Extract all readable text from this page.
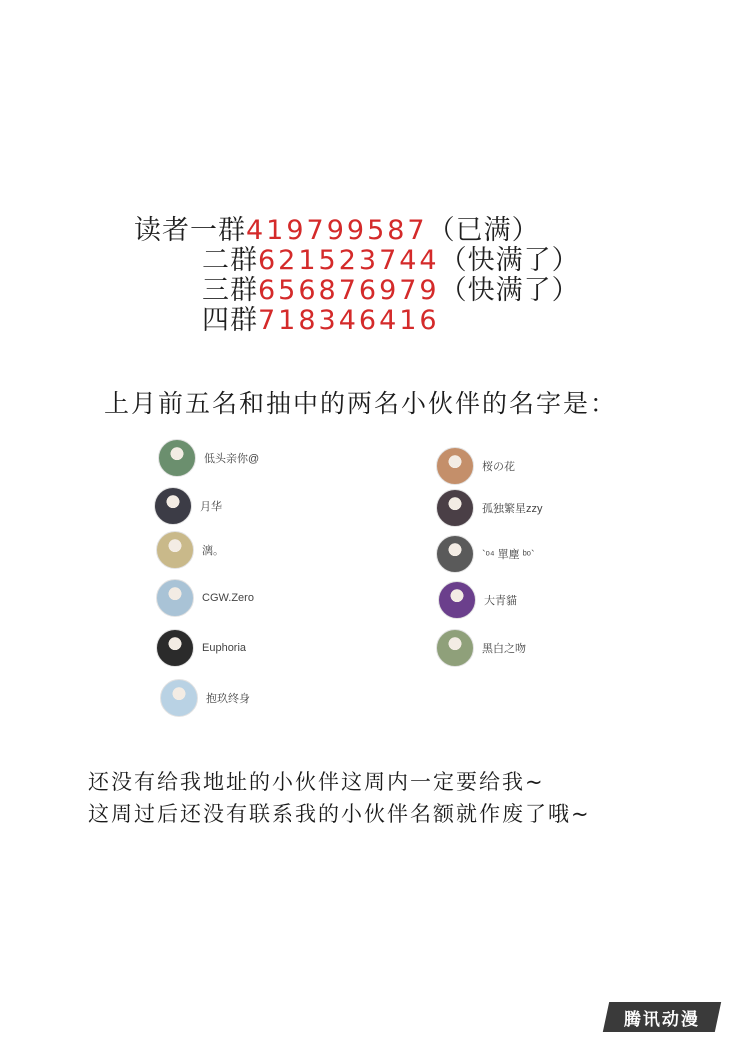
读者一群419799587（已满）
二群621523744（快满了）
三群656876979（快满了）
四群718346416
上月前五名和抽中的两名小伙伴的名字是：
低头亲你@
月华
漓。
CGW.Zero
Euphoria
抱玖终身
桜の花
孤独繁星zzy
`ᵒ⁴ 單塵 ᵇᵒ`
大青貓
黑白之吻
还没有给我地址的小伙伴这周内一定要给我~
这周过后还没有联系我的小伙伴名额就作废了哦~
腾讯动漫
